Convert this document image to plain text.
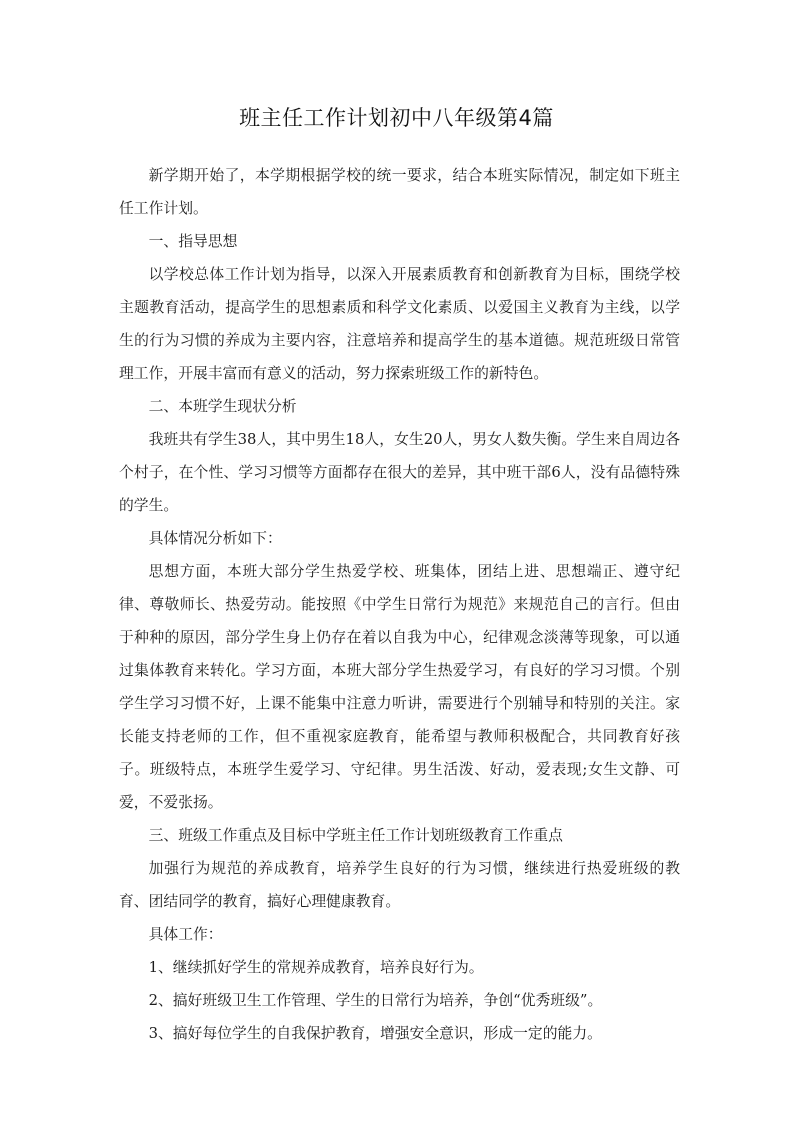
班主任工作计划初中八年级第4篇

新学期开始了，本学期根据学校的统一要求，结合本班实际情况，制定如下班主任工作计划。

一、指导思想

以学校总体工作计划为指导，以深入开展素质教育和创新教育为目标，围绕学校主题教育活动，提高学生的思想素质和科学文化素质、以爱国主义教育为主线，以学生的行为习惯的养成为主要内容，注意培养和提高学生的基本道德。规范班级日常管理工作，开展丰富而有意义的活动，努力探索班级工作的新特色。

二、本班学生现状分析

我班共有学生38人，其中男生18人，女生20人，男女人数失衡。学生来自周边各个村子，在个性、学习习惯等方面都存在很大的差异，其中班干部6人，没有品德特殊的学生。

具体情况分析如下：

思想方面，本班大部分学生热爱学校、班集体，团结上进、思想端正、遵守纪律、尊敬师长、热爱劳动。能按照《中学生日常行为规范》来规范自己的言行。但由于种种的原因，部分学生身上仍存在着以自我为中心，纪律观念淡薄等现象，可以通过集体教育来转化。学习方面，本班大部分学生热爱学习，有良好的学习习惯。个别学生学习习惯不好，上课不能集中注意力听讲，需要进行个别辅导和特别的关注。家长能支持老师的工作，但不重视家庭教育，能希望与教师积极配合，共同教育好孩子。班级特点，本班学生爱学习、守纪律。男生活泼、好动，爱表现;女生文静、可爱，不爱张扬。

三、班级工作重点及目标中学班主任工作计划班级教育工作重点

加强行为规范的养成教育，培养学生良好的行为习惯，继续进行热爱班级的教育、团结同学的教育，搞好心理健康教育。

具体工作：

1、继续抓好学生的常规养成教育，培养良好行为。

2、搞好班级卫生工作管理、学生的日常行为培养，争创“优秀班级”。

3、搞好每位学生的自我保护教育，增强安全意识，形成一定的能力。
